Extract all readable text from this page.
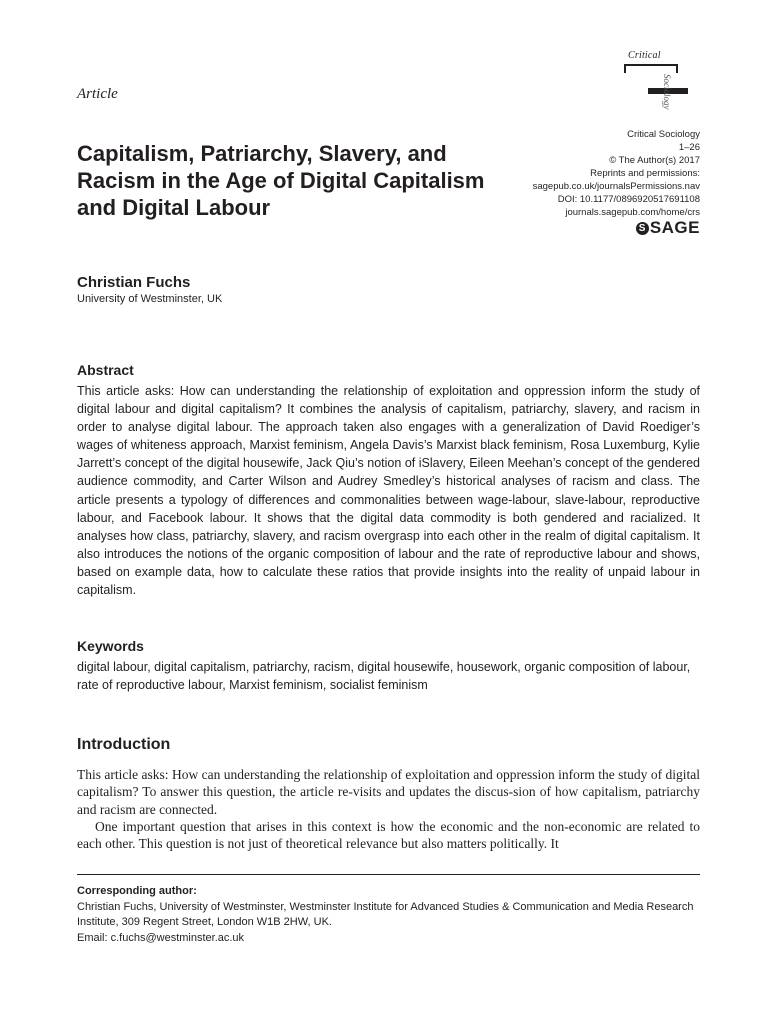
Critical
Sociology
Article
Capitalism, Patriarchy, Slavery, and Racism in the Age of Digital Capitalism and Digital Labour
Critical Sociology
1–26
© The Author(s) 2017
Reprints and permissions:
sagepub.co.uk/journalsPermissions.nav
DOI: 10.1177/0896920517691108
journals.sagepub.com/home/crs
S SAGE
Christian Fuchs
University of Westminster, UK
Abstract

This article asks: How can understanding the relationship of exploitation and oppression inform the study of digital labour and digital capitalism? It combines the analysis of capitalism, patriarchy, slavery, and racism in order to analyse digital labour. The approach taken also engages with a generalization of David Roediger’s wages of whiteness approach, Marxist feminism, Angela Davis’s Marxist black feminism, Rosa Luxemburg, Kylie Jarrett’s concept of the digital housewife, Jack Qiu’s notion of iSlavery, Eileen Meehan’s concept of the gendered audience commodity, and Carter Wilson and Audrey Smedley’s historical analyses of racism and class. The article presents a typology of differences and commonalities between wage-labour, slave-labour, reproductive labour, and Facebook labour. It shows that the digital data commodity is both gendered and racialized. It analyses how class, patriarchy, slavery, and racism overgrasp into each other in the realm of digital capitalism. It also introduces the notions of the organic composition of labour and the rate of reproductive labour and shows, based on example data, how to calculate these ratios that provide insights into the reality of unpaid labour in capitalism.

Keywords

digital labour, digital capitalism, patriarchy, racism, digital housewife, housework, organic composition of labour, rate of reproductive labour, Marxist feminism, socialist feminism

Introduction

This article asks: How can understanding the relationship of exploitation and oppression inform the study of digital capitalism? To answer this question, the article re-visits and updates the discus-sion of how capitalism, patriarchy and racism are connected.

One important question that arises in this context is how the economic and the non-economic are related to each other. This question is not just of theoretical relevance but also matters politically. It

Corresponding author:
Christian Fuchs, University of Westminster, Westminster Institute for Advanced Studies & Communication and Media Research Institute, 309 Regent Street, London W1B 2HW, UK.
Email: c.fuchs@westminster.ac.uk
